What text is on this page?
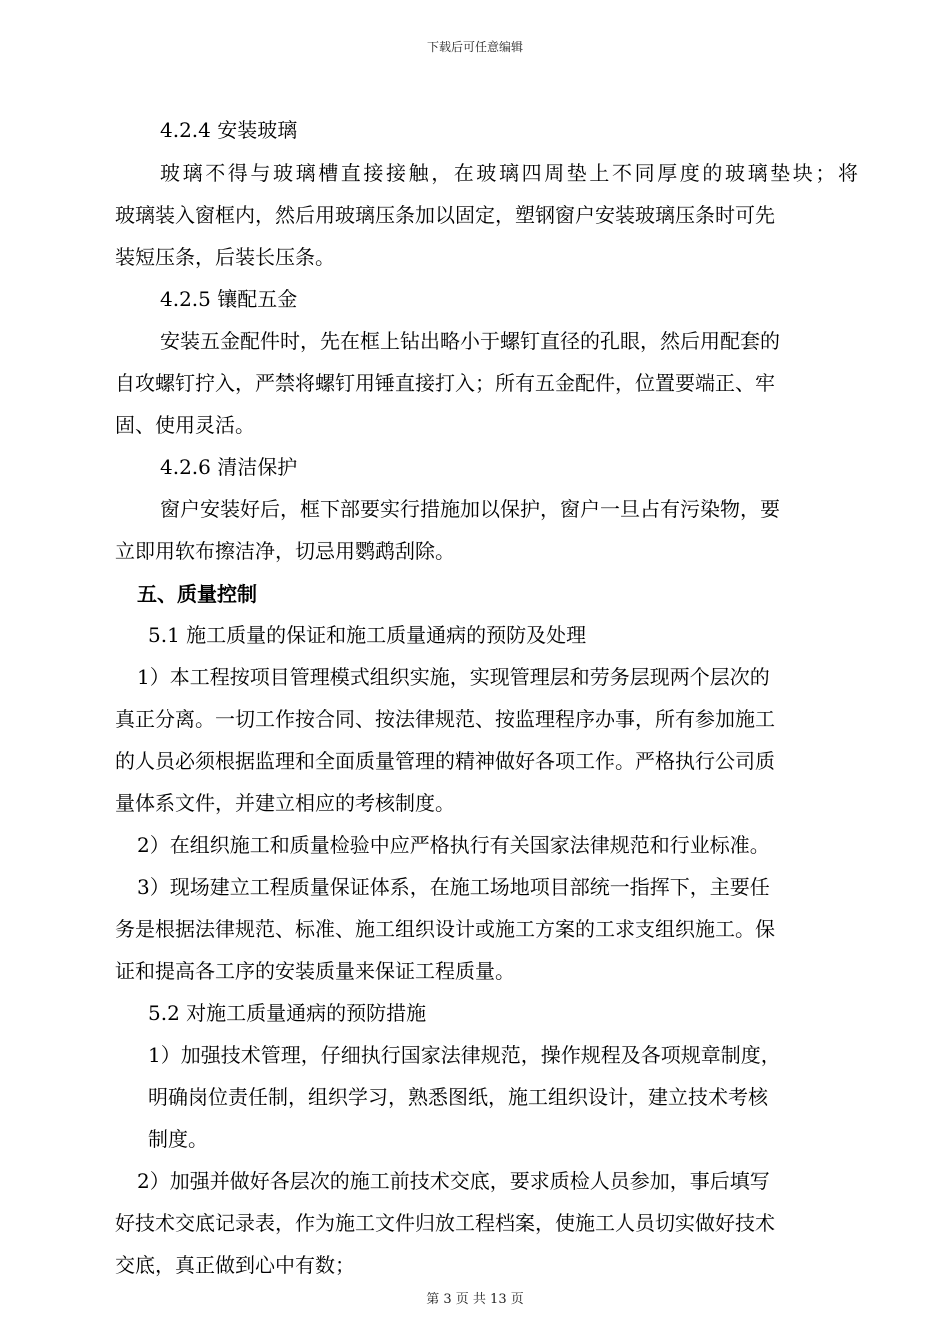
下载后可任意编辑
4.2.4 安装玻璃
玻璃不得与玻璃槽直接接触，在玻璃四周垫上不同厚度的玻璃垫块；将
玻璃装入窗框内，然后用玻璃压条加以固定，塑钢窗户安装玻璃压条时可先
装短压条，后装长压条。
4.2.5 镶配五金
安装五金配件时，先在框上钻出略小于螺钉直径的孔眼，然后用配套的
自攻螺钉拧入，严禁将螺钉用锤直接打入；所有五金配件，位置要端正、牢
固、使用灵活。
4.2.6 清洁保护
窗户安装好后，框下部要实行措施加以保护，窗户一旦占有污染物，要
立即用软布擦洁净，切忌用鹦鹉刮除。
五、质量控制
5.1 施工质量的保证和施工质量通病的预防及处理
1）本工程按项目管理模式组织实施，实现管理层和劳务层现两个层次的
真正分离。一切工作按合同、按法律规范、按监理程序办事，所有参加施工
的人员必须根据监理和全面质量管理的精神做好各项工作。严格执行公司质
量体系文件，并建立相应的考核制度。
2）在组织施工和质量检验中应严格执行有关国家法律规范和行业标准。
3）现场建立工程质量保证体系，在施工场地项目部统一指挥下，主要任
务是根据法律规范、标准、施工组织设计或施工方案的工求支组织施工。保
证和提高各工序的安装质量来保证工程质量。
5.2 对施工质量通病的预防措施
1）加强技术管理，仔细执行国家法律规范，操作规程及各项规章制度，
明确岗位责任制，组织学习，熟悉图纸，施工组织设计，建立技术考核
制度。
2）加强并做好各层次的施工前技术交底，要求质检人员参加，事后填写
好技术交底记录表，作为施工文件归放工程档案，使施工人员切实做好技术
交底，真正做到心中有数；
第 3 页 共 13 页
